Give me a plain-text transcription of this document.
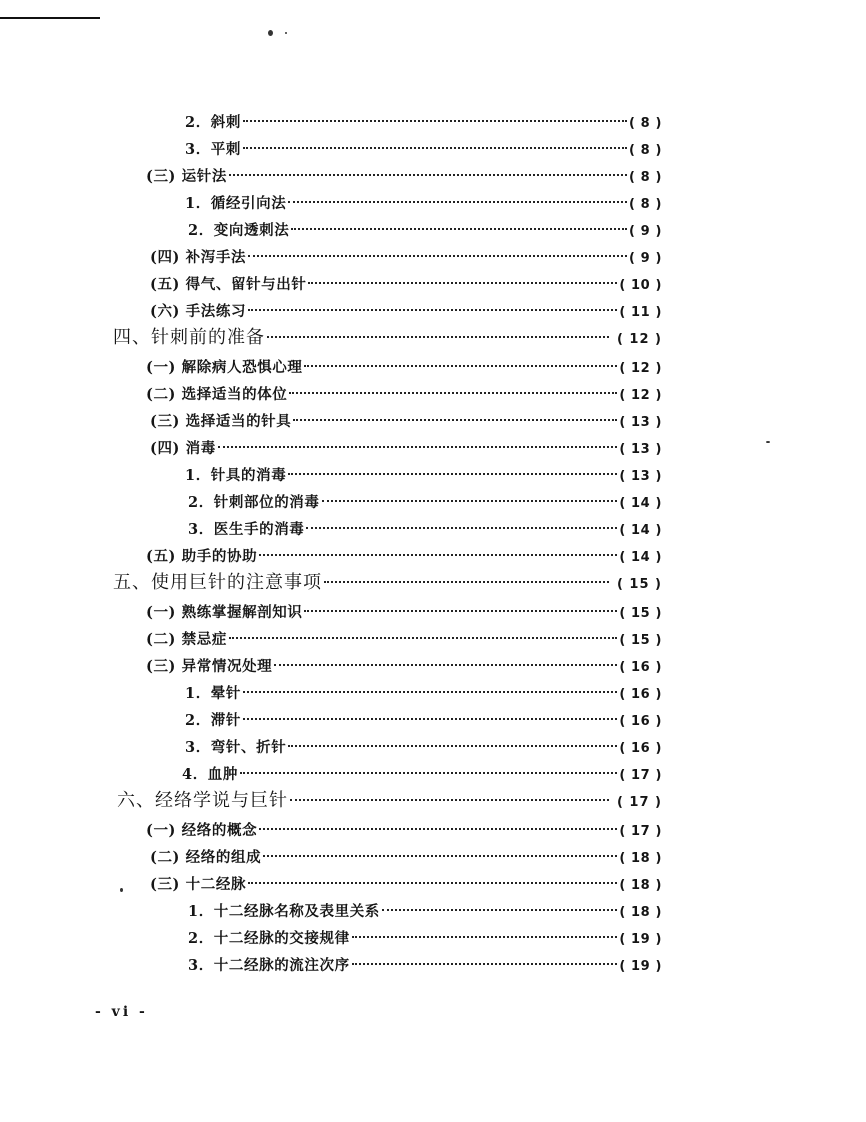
2．斜刺	( 8 )
3．平刺	( 8 )
(三) 运针法	( 8 )
1．循经引向法	( 8 )
2．变向透刺法	( 9 )
(四) 补泻手法	( 9 )
(五) 得气、留针与出针	( 10 )
(六) 手法练习	( 11 )
四、针刺前的准备	( 12 )
(一) 解除病人恐惧心理	( 12 )
(二) 选择适当的体位	( 12 )
(三) 选择适当的针具	( 13 )
(四) 消毒	( 13 )
1．针具的消毒	( 13 )
2．针刺部位的消毒	( 14 )
3．医生手的消毒	( 14 )
(五) 助手的协助	( 14 )
五、使用巨针的注意事项	( 15 )
(一) 熟练掌握解剖知识	( 15 )
(二) 禁忌症	( 15 )
(三) 异常情况处理	( 16 )
1．晕针	( 16 )
2．滞针	( 16 )
3．弯针、折针	( 16 )
4．血肿	( 17 )
六、经络学说与巨针	( 17 )
(一) 经络的概念	( 17 )
(二) 经络的组成	( 18 )
(三) 十二经脉	( 18 )
1．十二经脉名称及表里关系	( 18 )
2．十二经脉的交接规律	( 19 )
3．十二经脉的流注次序	( 19 )
- vi -
